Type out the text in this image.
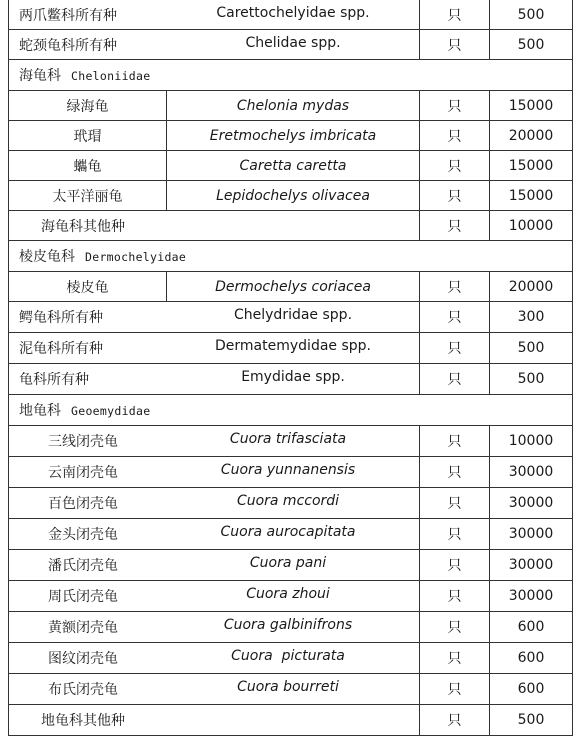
两爪鳖科所有种 Carettochelyidae spp.		只	500

蛇颈龟科所有种 Chelidae spp.		只	500
海龟科 Cheloniidae			
绿海龟	Chelonia mydas	只	15000
玳瑁	Eretmochelys imbricata	只	20000
蠵龟	Caretta caretta	只	15000
太平洋丽龟	Lepidochelys olivacea	只	15000

海龟科其他种		只	10000
棱皮龟科 Dermochelyidae			
棱皮龟	Dermochelys coriacea	只	20000

鳄龟科所有种 Chelydridae spp.		只	300

泥龟科所有种 Dermatemydidae spp.		只	500

龟科所有种 Emydidae spp.		只	500
地龟科 Geoemydidae			

三线闭壳龟 Cuora trifasciata		只	10000

云南闭壳龟 Cuora yunnanensis		只	30000

百色闭壳龟 Cuora mccordi		只	30000

金头闭壳龟 Cuora aurocapitata		只	30000

潘氏闭壳龟 Cuora pani		只	30000

周氏闭壳龟 Cuora zhoui		只	30000

黄额闭壳龟 Cuora galbinifrons		只	600

图纹闭壳龟 Cuora  picturata		只	600

布氏闭壳龟 Cuora bourreti		只	600

地龟科其他种		只	500
